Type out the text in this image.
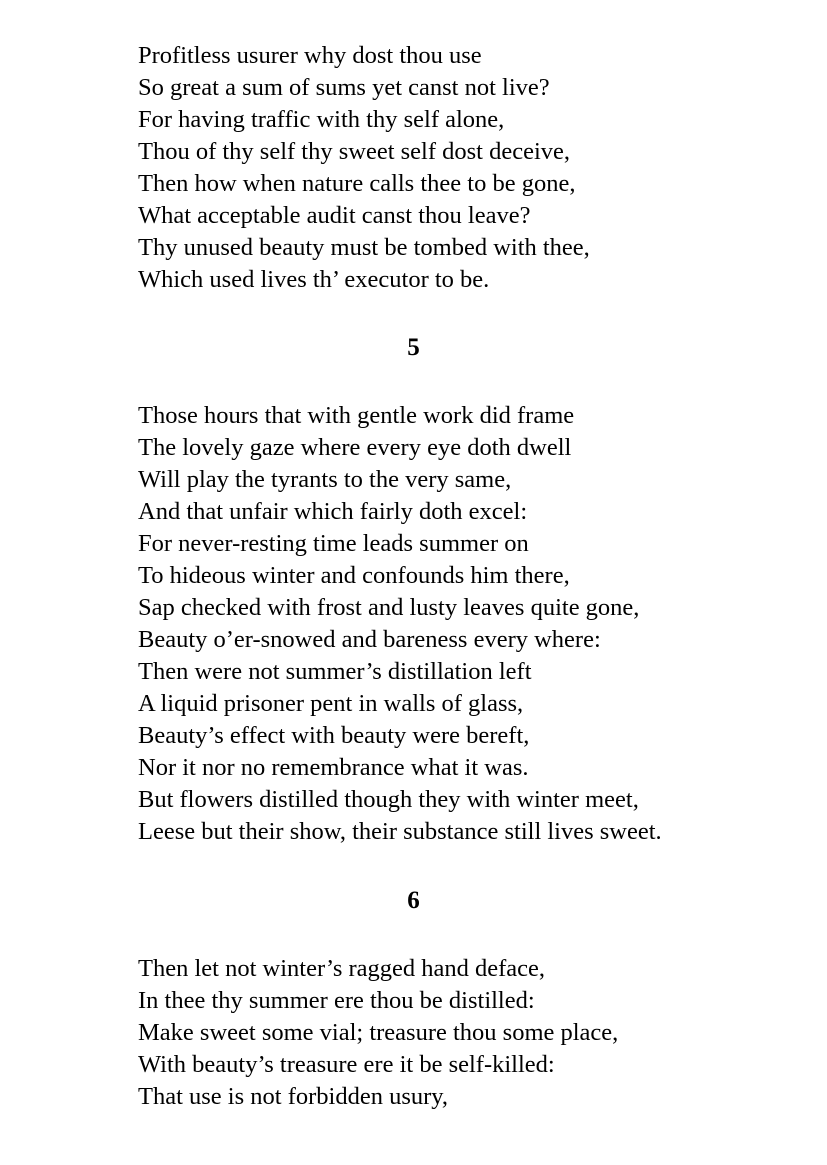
Profitless usurer why dost thou use
So great a sum of sums yet canst not live?
For having traffic with thy self alone,
Thou of thy self thy sweet self dost deceive,
Then how when nature calls thee to be gone,
What acceptable audit canst thou leave?
Thy unused beauty must be tombed with thee,
Which used lives th’ executor to be.
5
Those hours that with gentle work did frame
The lovely gaze where every eye doth dwell
Will play the tyrants to the very same,
And that unfair which fairly doth excel:
For never-resting time leads summer on
To hideous winter and confounds him there,
Sap checked with frost and lusty leaves quite gone,
Beauty o’er-snowed and bareness every where:
Then were not summer’s distillation left
A liquid prisoner pent in walls of glass,
Beauty’s effect with beauty were bereft,
Nor it nor no remembrance what it was.
But flowers distilled though they with winter meet,
Leese but their show, their substance still lives sweet.
6
Then let not winter’s ragged hand deface,
In thee thy summer ere thou be distilled:
Make sweet some vial; treasure thou some place,
With beauty’s treasure ere it be self-killed:
That use is not forbidden usury,
